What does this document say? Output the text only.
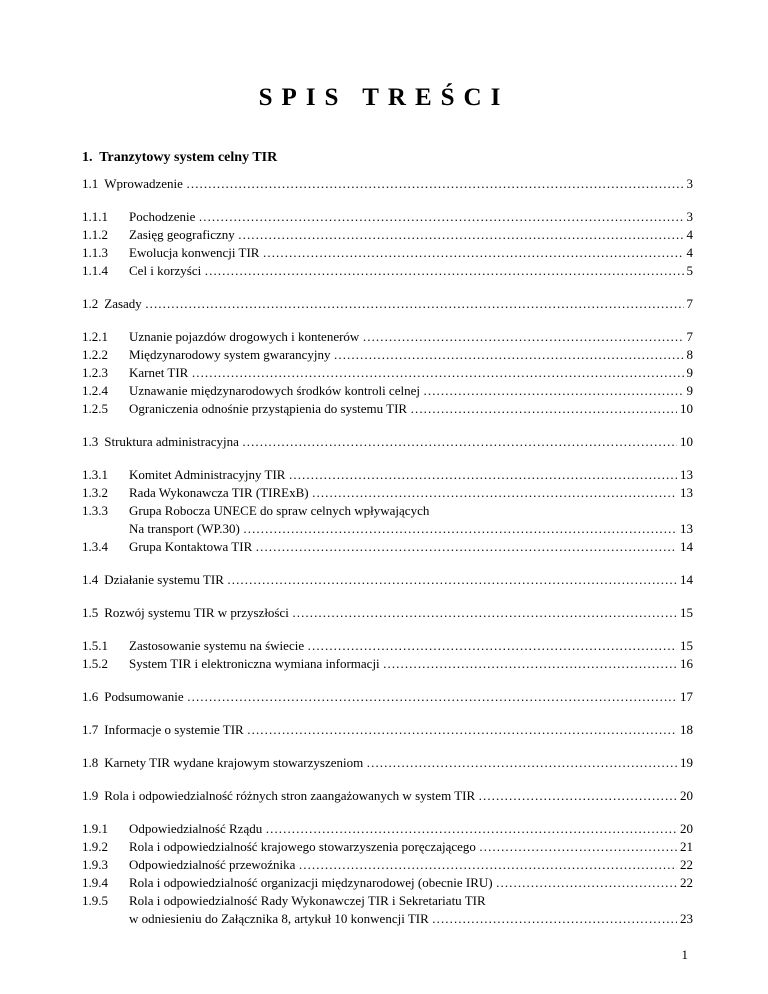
SPIS TREŚCI
1. Tranzytowy system celny TIR
1.1 Wprowadzenie ……………………………………………………………………………………………………………………………………………………………………………………………………………………………………………………	3
1.1.1	Pochodzenie ……………………………………………………………………………………………………………………………………………………………………………………………………………………………………………………	3
1.1.2	Zasięg geograficzny ……………………………………………………………………………………………………………………………………………………………………………………………………………………………………………………	4
1.1.3	Ewolucja konwencji TIR ……………………………………………………………………………………………………………………………………………………………………………………………………………………………………………………	4
1.1.4	Cel i korzyści ……………………………………………………………………………………………………………………………………………………………………………………………………………………………………………………	5
1.2 Zasady ……………………………………………………………………………………………………………………………………………………………………………………………………………………………………………………	7
1.2.1	Uznanie pojazdów drogowych i kontenerów ……………………………………………………………………………………………………………………………………………………………………………………………………………………………………………………	7
1.2.2	Międzynarodowy system gwarancyjny ……………………………………………………………………………………………………………………………………………………………………………………………………………………………………………………	8
1.2.3	Karnet TIR ……………………………………………………………………………………………………………………………………………………………………………………………………………………………………………………	9
1.2.4	Uznawanie międzynarodowych środków kontroli celnej ……………………………………………………………………………………………………………………………………………………………………………………………………………………………………………………	9
1.2.5	Ograniczenia odnośnie przystąpienia do systemu TIR ……………………………………………………………………………………………………………………………………………………………………………………………………………………………………………………	10
1.3 Struktura administracyjna ……………………………………………………………………………………………………………………………………………………………………………………………………………………………………………………	10
1.3.1	Komitet Administracyjny TIR ……………………………………………………………………………………………………………………………………………………………………………………………………………………………………………………	13
1.3.2	Rada Wykonawcza TIR (TIRExB) ……………………………………………………………………………………………………………………………………………………………………………………………………………………………………………………	13
1.3.3	Grupa Robocza UNECE do spraw celnych wpływających
Na transport (WP.30) ……………………………………………………………………………………………………………………………………………………………………………………………………………………………………………………	13
1.3.4	Grupa Kontaktowa TIR ……………………………………………………………………………………………………………………………………………………………………………………………………………………………………………………	14
1.4 Działanie systemu TIR ……………………………………………………………………………………………………………………………………………………………………………………………………………………………………………………	14
1.5 Rozwój systemu TIR w przyszłości ……………………………………………………………………………………………………………………………………………………………………………………………………………………………………………………	15
1.5.1	Zastosowanie systemu na świecie ……………………………………………………………………………………………………………………………………………………………………………………………………………………………………………………	15
1.5.2	System TIR i elektroniczna wymiana informacji ……………………………………………………………………………………………………………………………………………………………………………………………………………………………………………………	16
1.6 Podsumowanie ……………………………………………………………………………………………………………………………………………………………………………………………………………………………………………………	17
1.7 Informacje o systemie TIR ……………………………………………………………………………………………………………………………………………………………………………………………………………………………………………………	18
1.8 Karnety TIR wydane krajowym stowarzyszeniom ……………………………………………………………………………………………………………………………………………………………………………………………………………………………………………………	19
1.9 Rola i odpowiedzialność różnych stron zaangażowanych w system TIR ……………………………………………………………………………………………………………………………………………………………………………………………………………………………………………………	20
1.9.1	Odpowiedzialność Rządu ……………………………………………………………………………………………………………………………………………………………………………………………………………………………………………………	20
1.9.2	Rola i odpowiedzialność krajowego stowarzyszenia poręczającego ……………………………………………………………………………………………………………………………………………………………………………………………………………………………………………………	21
1.9.3	Odpowiedzialność przewoźnika ……………………………………………………………………………………………………………………………………………………………………………………………………………………………………………………	22
1.9.4	Rola i odpowiedzialność organizacji międzynarodowej (obecnie IRU) ……………………………………………………………………………………………………………………………………………………………………………………………………………………………………………………	22
1.9.5	Rola i odpowiedzialność Rady Wykonawczej TIR i Sekretariatu TIR
w odniesieniu do Załącznika 8, artykuł 10 konwencji TIR ……………………………………………………………………………………………………………………………………………………………………………………………………………………………………………………	23
1
